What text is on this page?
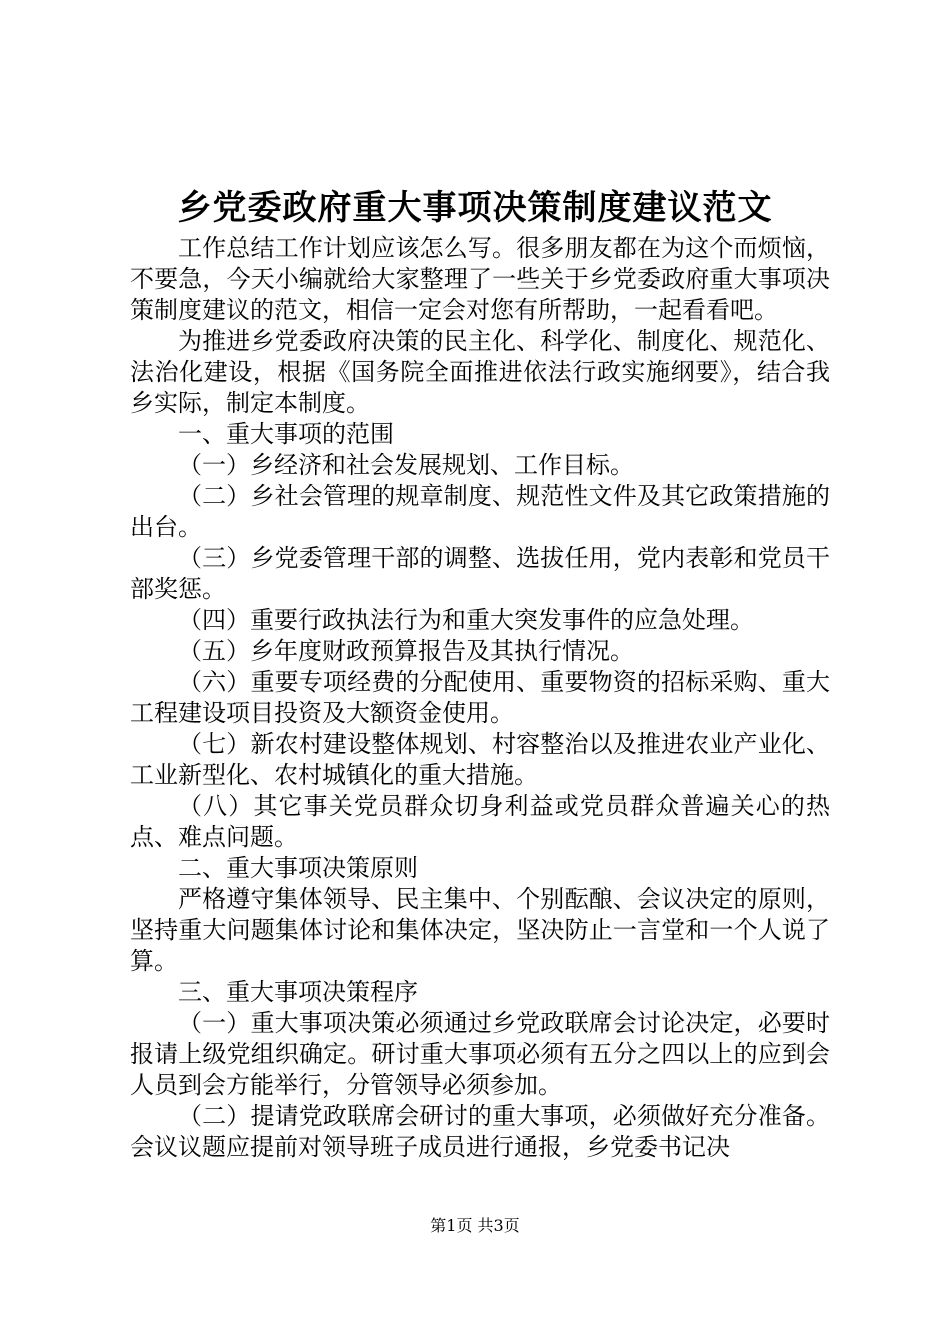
乡党委政府重大事项决策制度建议范文

工作总结工作计划应该怎么写。很多朋友都在为这个而烦恼，不要急，今天小编就给大家整理了一些关于乡党委政府重大事项决策制度建议的范文，相信一定会对您有所帮助，一起看看吧。

为推进乡党委政府决策的民主化、科学化、制度化、规范化、法治化建设，根据《国务院全面推进依法行政实施纲要》，结合我乡实际，制定本制度。

一、重大事项的范围

（一）乡经济和社会发展规划、工作目标。

（二）乡社会管理的规章制度、规范性文件及其它政策措施的出台。

（三）乡党委管理干部的调整、选拔任用，党内表彰和党员干部奖惩。

（四）重要行政执法行为和重大突发事件的应急处理。

（五）乡年度财政预算报告及其执行情况。

（六）重要专项经费的分配使用、重要物资的招标采购、重大工程建设项目投资及大额资金使用。

（七）新农村建设整体规划、村容整治以及推进农业产业化、工业新型化、农村城镇化的重大措施。

（八）其它事关党员群众切身利益或党员群众普遍关心的热点、难点问题。

二、重大事项决策原则

严格遵守集体领导、民主集中、个别酝酿、会议决定的原则，坚持重大问题集体讨论和集体决定，坚决防止一言堂和一个人说了算。

三、重大事项决策程序

（一）重大事项决策必须通过乡党政联席会讨论决定，必要时报请上级党组织确定。研讨重大事项必须有五分之四以上的应到会人员到会方能举行，分管领导必须参加。

（二）提请党政联席会研讨的重大事项，必须做好充分准备。会议议题应提前对领导班子成员进行通报，乡党委书记决

第1页 共3页
